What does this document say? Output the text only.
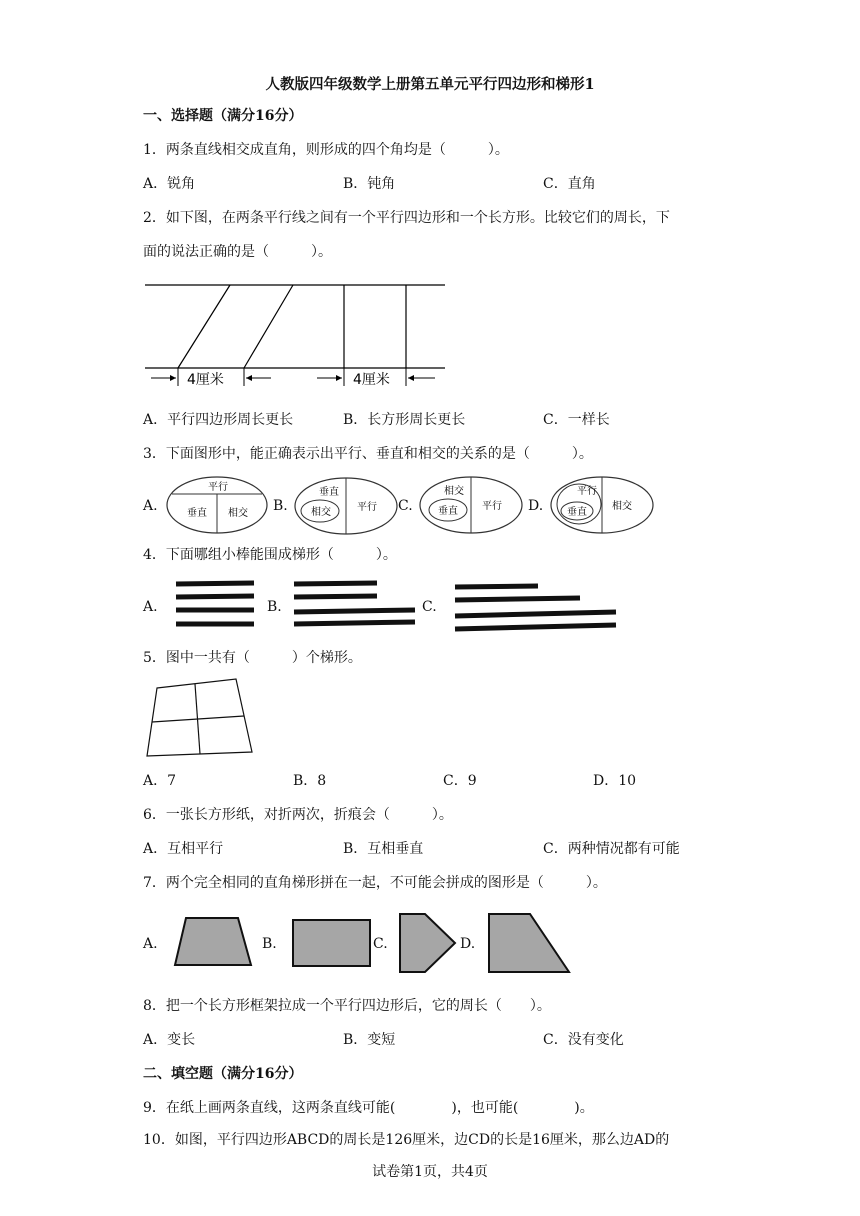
人教版四年级数学上册第五单元平行四边形和梯形1
一、选择题（满分16分）
1．两条直线相交成直角，则形成的四个角均是（　　　）。
A．锐角	B．钝角	C．直角
2．如下图，在两条平行线之间有一个平行四边形和一个长方形。比较它们的周长，下
面的说法正确的是（　　　）。
4厘米	4厘米
A．平行四边形周长更长	B．长方形周长更长	C．一样长
3．下面图形中，能正确表示出平行、垂直和相交的关系的是（　　　）。
A.
平行
垂直 相交 B.
垂直
相交	平行 C.
相交
垂直 平行 D.
平行
垂直
相交
4．下面哪组小棒能围成梯形（　　　）。
A.	B.	C.
5．图中一共有（　　　）个梯形。
A．7	B．8	C．9	D．10
6．一张长方形纸，对折两次，折痕会（　　　）。
A．互相平行	B．互相垂直	C．两种情况都有可能
7．两个完全相同的直角梯形拼在一起，不可能会拼成的图形是（　　　）。
A.	B.	C.	D.
8．把一个长方形框架拉成一个平行四边形后，它的周长（　　）。
A．变长	B．变短	C．没有变化
二、填空题（满分16分）
9．在纸上画两条直线，这两条直线可能(　　　　)，也可能(　　　　)。
10．如图，平行四边形ABCD的周长是126厘米，边CD的长是16厘米，那么边AD的
试卷第1页，共4页
